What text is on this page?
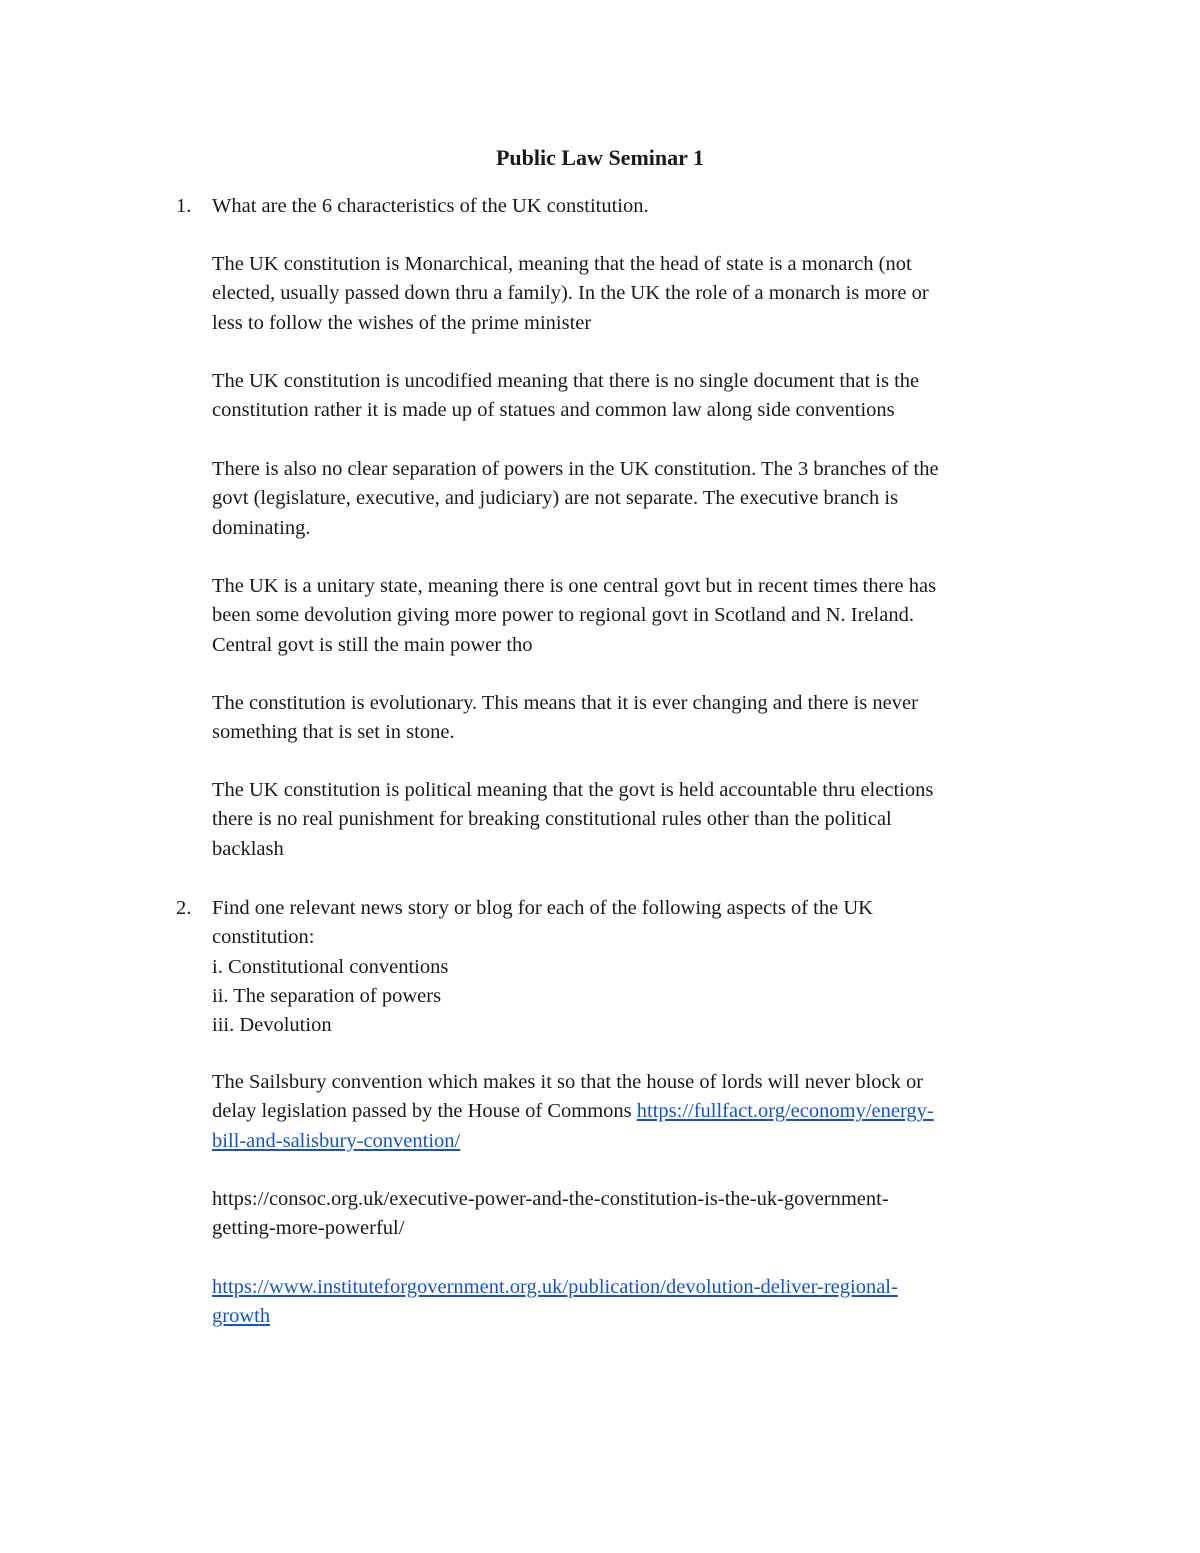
Public Law Seminar 1
1.	What are the 6 characteristics of the UK constitution.

The UK constitution is Monarchical, meaning that the head of state is a monarch (not
elected, usually passed down thru a family). In the UK the role of a monarch is more or
less to follow the wishes of the prime minister

The UK constitution is uncodified meaning that there is no single document that is the
constitution rather it is made up of statues and common law along side conventions

There is also no clear separation of powers in the UK constitution. The 3 branches of the
govt (legislature, executive, and judiciary) are not separate. The executive branch is
dominating.

The UK is a unitary state, meaning there is one central govt but in recent times there has
been some devolution giving more power to regional govt in Scotland and N. Ireland.
Central govt is still the main power tho

The constitution is evolutionary. This means that it is ever changing and there is never
something that is set in stone.

The UK constitution is political meaning that the govt is held accountable thru elections
there is no real punishment for breaking constitutional rules other than the political
backlash

2.	Find one relevant news story or blog for each of the following aspects of the UK
constitution:
i. Constitutional conventions
ii. The separation of powers
iii. Devolution

The Sailsbury convention which makes it so that the house of lords will never block or
delay legislation passed by the House of Commons https://fullfact.org/economy/energy-
bill-and-salisbury-convention/

https://consoc.org.uk/executive-power-and-the-constitution-is-the-uk-government-
getting-more-powerful/

https://www.instituteforgovernment.org.uk/publication/devolution-deliver-regional-
growth
